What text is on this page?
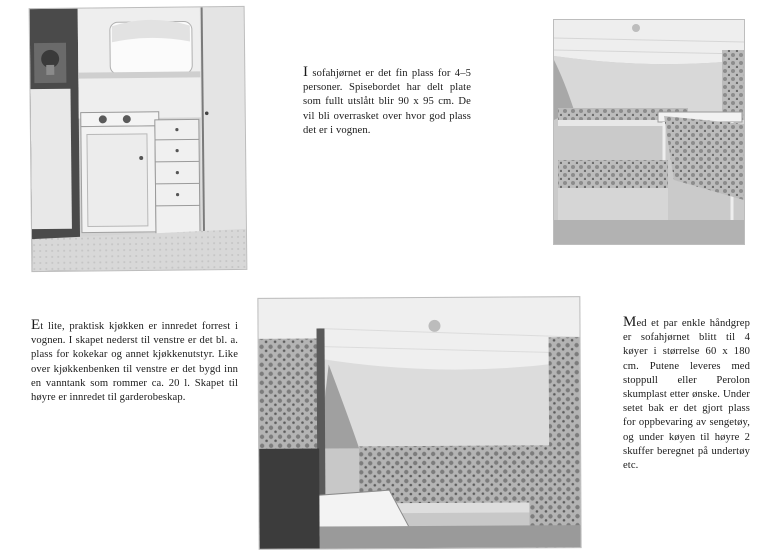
I sofahjørnet er det fin plass for 4–5 personer. Spisebordet har delt plate som fullt utslått blir 90 x 95 cm. De vil bli overrasket over hvor god plass det er i vognen.
Et lite, praktisk kjøkken er innredet forrest i vognen. I skapet nederst til venstre er det bl. a. plass for kokekar og annet kjøkkenutstyr. Like over kjøkkenbenken til venstre er det bygd inn en vanntank som rommer ca. 20 l. Skapet til høyre er innredet til garderobeskap.
Med et par enkle håndgrep er sofahjørnet blitt til 4 køyer i størrelse 60 x 180 cm. Putene leveres med stoppull eller Perolon skumplast etter ønske. Under setet bak er det gjort plass for oppbevaring av sengetøy, og under køyen til høyre 2 skuffer beregnet på undertøy etc.
